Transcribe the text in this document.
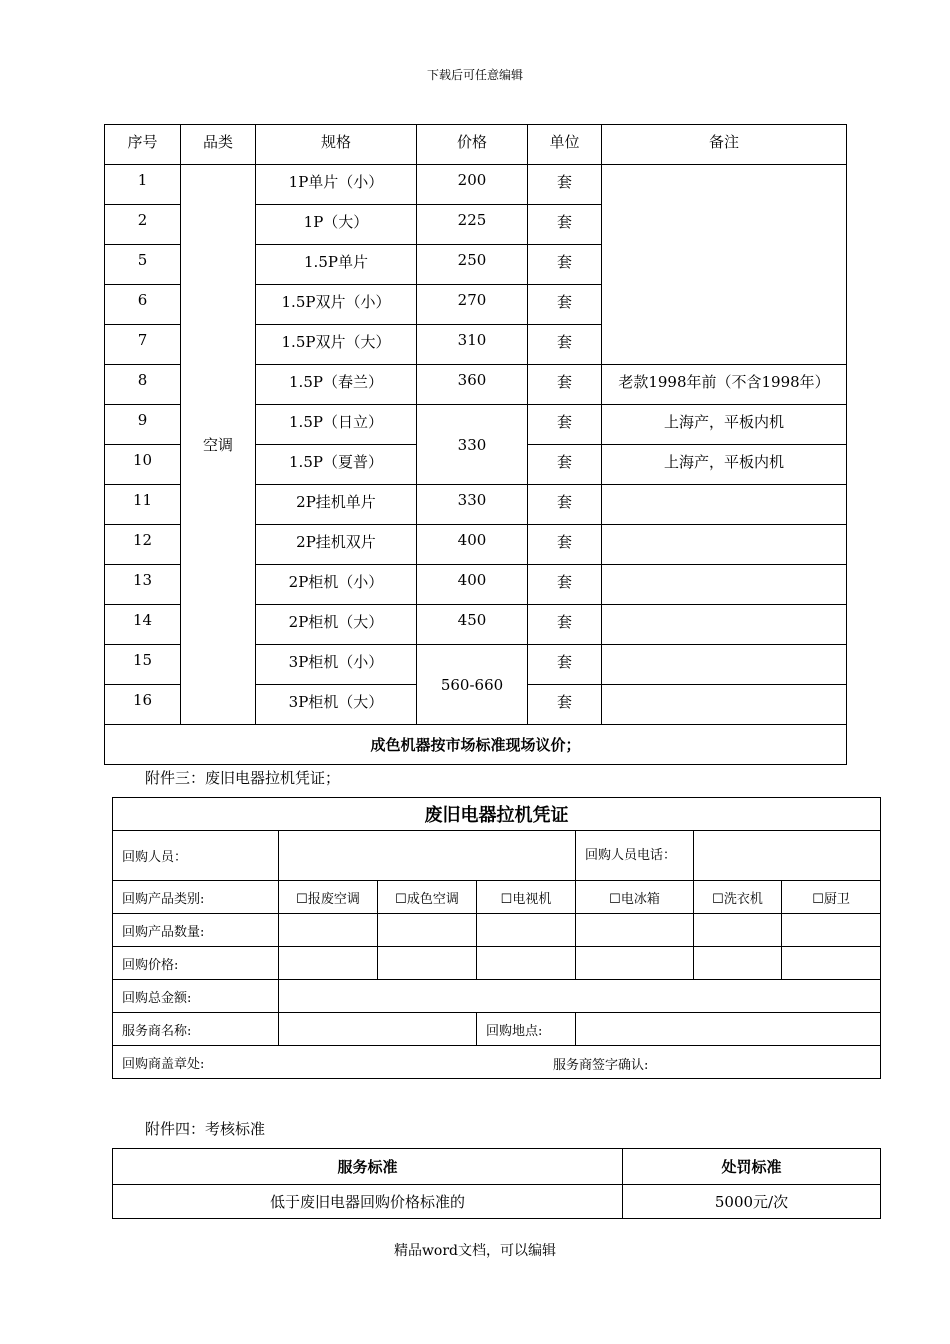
下载后可任意编辑
序号	品类	规格	价格	单位	备注
1	空调	1P单片（小）	200	套	
2		1P（大）	225	套	
5		1.5P单片	250	套	
6		1.5P双片（小）	270	套	
7		1.5P双片（大）	310	套	
8		1.5P（春兰）	360	套	老款1998年前（不含1998年）
9		1.5P（日立）	330	套	上海产，平板内机
10		1.5P（夏普）		套	上海产，平板内机
11		2P挂机单片	330	套	
12		2P挂机双片	400	套	
13		2P柜机（小）	400	套	
14		2P柜机（大）	450	套	
15		3P柜机（小）	560-660	套	
16		3P柜机（大）		套	
成色机器按市场标准现场议价；					
附件三：废旧电器拉机凭证；
废旧电器拉机凭证						
回购人员：				回购人员电话：		
回购产品类别:	☐报废空调	☐成色空调	☐电视机	☐电冰箱	☐洗衣机	☐厨卫
回购产品数量:						
回购价格:						
回购总金额:						
服务商名称:			回购地点:			
回购商盖章处: 服务商签字确认:						
附件四：考核标准
服务标准	处罚标准
低于废旧电器回购价格标准的	5000元/次
精品word文档，可以编辑
